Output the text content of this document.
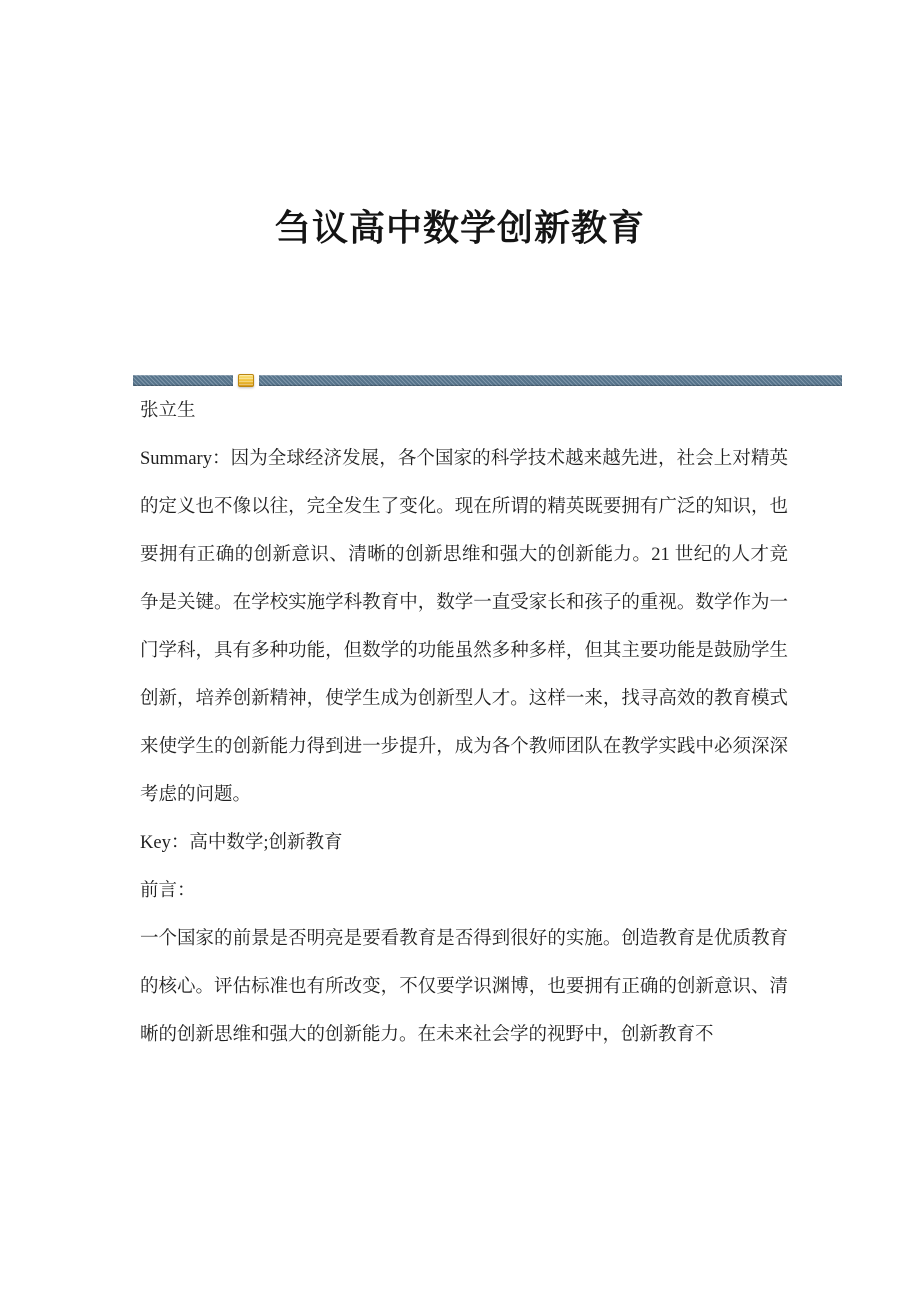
刍议高中数学创新教育

张立生

Summary：因为全球经济发展，各个国家的科学技术越来越先进，社会上对精英的定义也不像以往，完全发生了变化。现在所谓的精英既要拥有广泛的知识，也要拥有正确的创新意识、清晰的创新思维和强大的创新能力。21 世纪的人才竞争是关键。在学校实施学科教育中，数学一直受家长和孩子的重视。数学作为一门学科，具有多种功能，但数学的功能虽然多种多样，但其主要功能是鼓励学生创新，培养创新精神，使学生成为创新型人才。这样一来，找寻高效的教育模式来使学生的创新能力得到进一步提升，成为各个教师团队在教学实践中必须深深考虑的问题。

Key：高中数学;创新教育

前言：

一个国家的前景是否明亮是要看教育是否得到很好的实施。创造教育是优质教育的核心。评估标准也有所改变，不仅要学识渊博，也要拥有正确的创新意识、清晰的创新思维和强大的创新能力。在未来社会学的视野中，创新教育不
